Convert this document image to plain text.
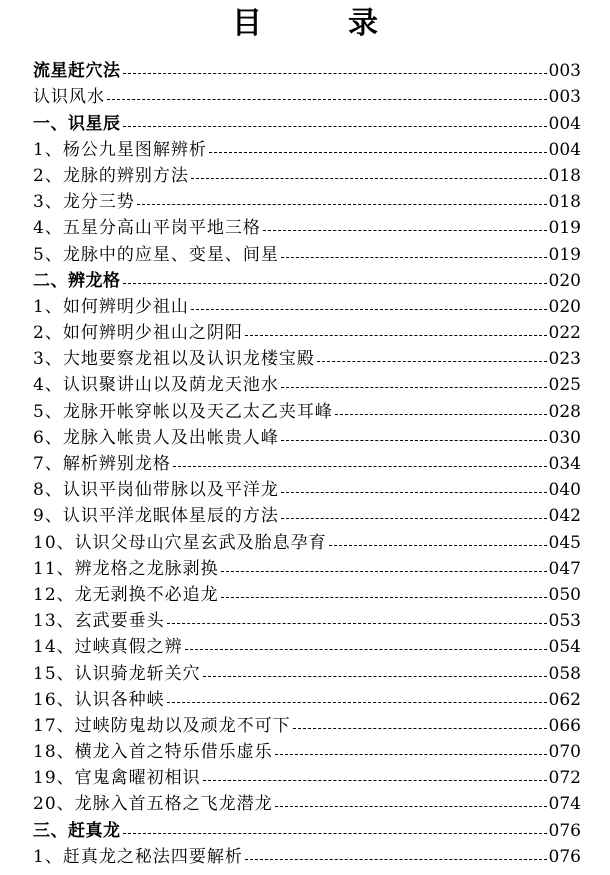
目　录
流星赶穴法	003
认识风水	003
一、识星辰	004
1、杨公九星图解辨析	004
2、龙脉的辨别方法	018
3、龙分三势	018
4、五星分高山平岗平地三格	019
5、龙脉中的应星、变星、间星	019
二、辨龙格	020
1、如何辨明少祖山	020
2、如何辨明少祖山之阴阳	022
3、大地要察龙祖以及认识龙楼宝殿	023
4、认识聚讲山以及荫龙天池水	025
5、龙脉开帐穿帐以及天乙太乙夹耳峰	028
6、龙脉入帐贵人及出帐贵人峰	030
7、解析辨别龙格	034
8、认识平岗仙带脉以及平洋龙	040
9、认识平洋龙眠体星辰的方法	042
10、认识父母山穴星玄武及胎息孕育	045
11、辨龙格之龙脉剥换	047
12、龙无剥换不必追龙	050
13、玄武要垂头	053
14、过峡真假之辨	054
15、认识骑龙斩关穴	058
16、认识各种峡	062
17、过峡防鬼劫以及顽龙不可下	066
18、横龙入首之特乐借乐虚乐	070
19、官鬼禽曜初相识	072
20、龙脉入首五格之飞龙潜龙	074
三、赶真龙	076
1、赶真龙之秘法四要解析	076
